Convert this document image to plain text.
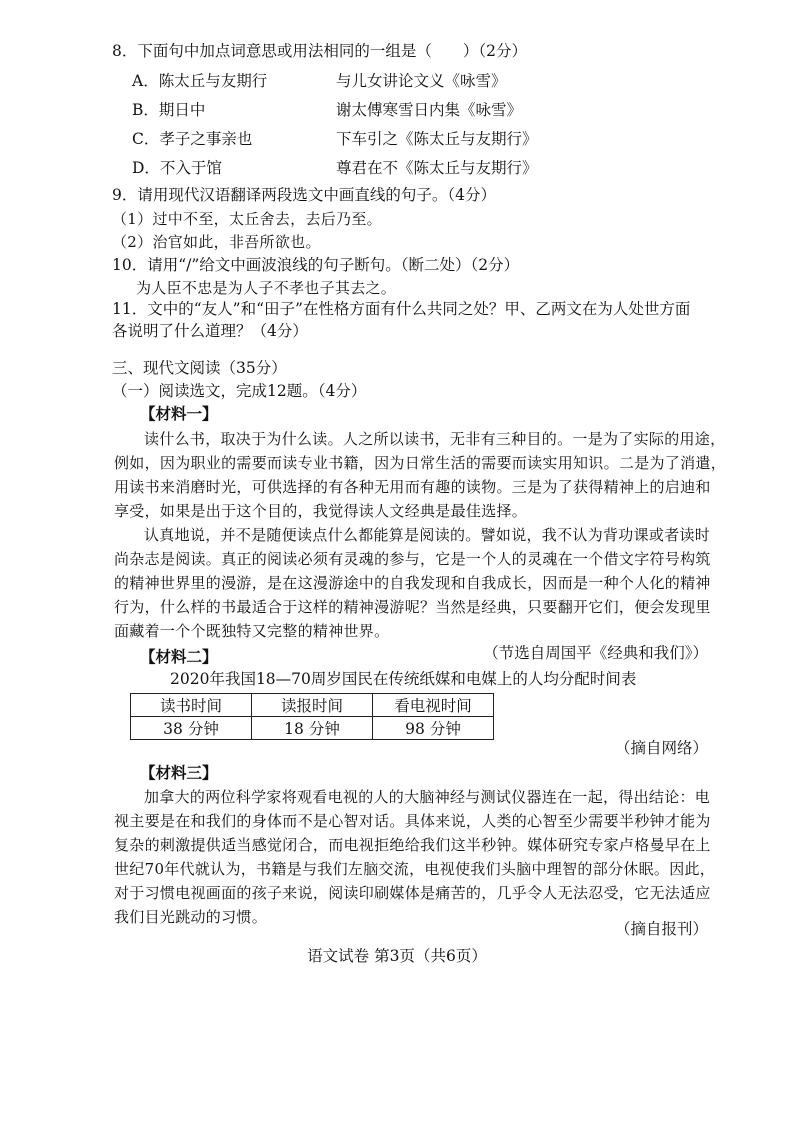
8．下面句中加点词意思或用法相同的一组是（　　）（2分）
A．陈太丘与友期行	与儿女讲论文义《咏雪》
B．期日中	谢太傅寒雪日内集《咏雪》
C．孝子之事亲也	下车引之《陈太丘与友期行》
D．不入于馆	尊君在不《陈太丘与友期行》
9．请用现代汉语翻译两段选文中画直线的句子。（4分）
（1）过中不至，太丘舍去，去后乃至。
（2）治官如此，非吾所欲也。
10．请用“/”给文中画波浪线的句子断句。（断二处）（2分）
为人臣不忠是为人子不孝也子其去之。
11．文中的“友人”和“田子”在性格方面有什么共同之处？甲、乙两文在为人处世方面
各说明了什么道理？（4分）
三、现代文阅读（35分）
（一）阅读选文，完成12题。（4分）
【材料一】
读什么书，取决于为什么读。人之所以读书，无非有三种目的。一是为了实际的用途，
例如，因为职业的需要而读专业书籍，因为日常生活的需要而读实用知识。二是为了消遣，
用读书来消磨时光，可供选择的有各种无用而有趣的读物。三是为了获得精神上的启迪和
享受，如果是出于这个目的，我觉得读人文经典是最佳选择。
认真地说，并不是随便读点什么都能算是阅读的。譬如说，我不认为背功课或者读时
尚杂志是阅读。真正的阅读必须有灵魂的参与，它是一个人的灵魂在一个借文字符号构筑
的精神世界里的漫游，是在这漫游途中的自我发现和自我成长，因而是一种个人化的精神
行为，什么样的书最适合于这样的精神漫游呢？当然是经典，只要翻开它们，便会发现里
面藏着一个个既独特又完整的精神世界。
（节选自周国平《经典和我们》）
【材料二】
2020年我国18—70周岁国民在传统纸媒和电媒上的人均分配时间表
读书时间	读报时间	看电视时间
38 分钟	18 分钟	98 分钟
（摘自网络）
【材料三】
加拿大的两位科学家将观看电视的人的大脑神经与测试仪器连在一起，得出结论：电
视主要是在和我们的身体而不是心智对话。具体来说，人类的心智至少需要半秒钟才能为
复杂的刺激提供适当感觉闭合，而电视拒绝给我们这半秒钟。媒体研究专家卢格曼早在上
世纪70年代就认为，书籍是与我们左脑交流，电视使我们头脑中理智的部分休眠。因此，
对于习惯电视画面的孩子来说，阅读印刷媒体是痛苦的，几乎令人无法忍受，它无法适应
我们目光跳动的习惯。
（摘自报刊）
语文试卷 第3页（共6页）
